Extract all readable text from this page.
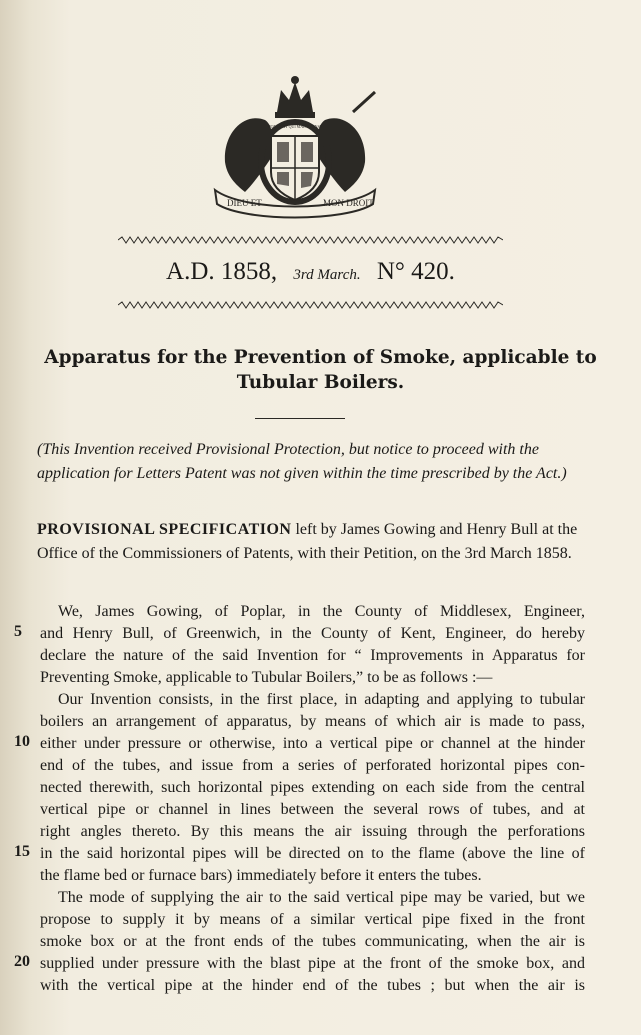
DIEU ET	MON DROIT
HONI SOIT QUI MAL Y PENSE
A.D. 1858, 3rd March. N° 420.
Apparatus for the Prevention of Smoke, applicable to Tubular Boilers.
(This Invention received Provisional Protection, but notice to proceed with the application for Letters Patent was not given within the time prescribed by the Act.)
PROVISIONAL SPECIFICATION left by James Gowing and Henry Bull at the Office of the Commissioners of Patents, with their Petition, on the 3rd March 1858.
We, James Gowing, of Poplar, in the County of Middlesex, Engineer,
and Henry Bull, of Greenwich, in the County of Kent, Engineer, do hereby
declare the nature of the said Invention for “ Improvements in Apparatus for
Preventing Smoke, applicable to Tubular Boilers,” to be as follows :—
Our Invention consists, in the first place, in adapting and applying to tubular
boilers an arrangement of apparatus, by means of which air is made to pass,
either under pressure or otherwise, into a vertical pipe or channel at the hinder
end of the tubes, and issue from a series of perforated horizontal pipes con-
nected therewith, such horizontal pipes extending on each side from the central
vertical pipe or channel in lines between the several rows of tubes, and at
right angles thereto. By this means the air issuing through the perforations
in the said horizontal pipes will be directed on to the flame (above the line of
the flame bed or furnace bars) immediately before it enters the tubes.
The mode of supplying the air to the said vertical pipe may be varied, but we
propose to supply it by means of a similar vertical pipe fixed in the front
smoke box or at the front ends of the tubes communicating, when the air is
supplied under pressure with the blast pipe at the front of the smoke box, and
with the vertical pipe at the hinder end of the tubes ; but when the air is
5
10
15
20
